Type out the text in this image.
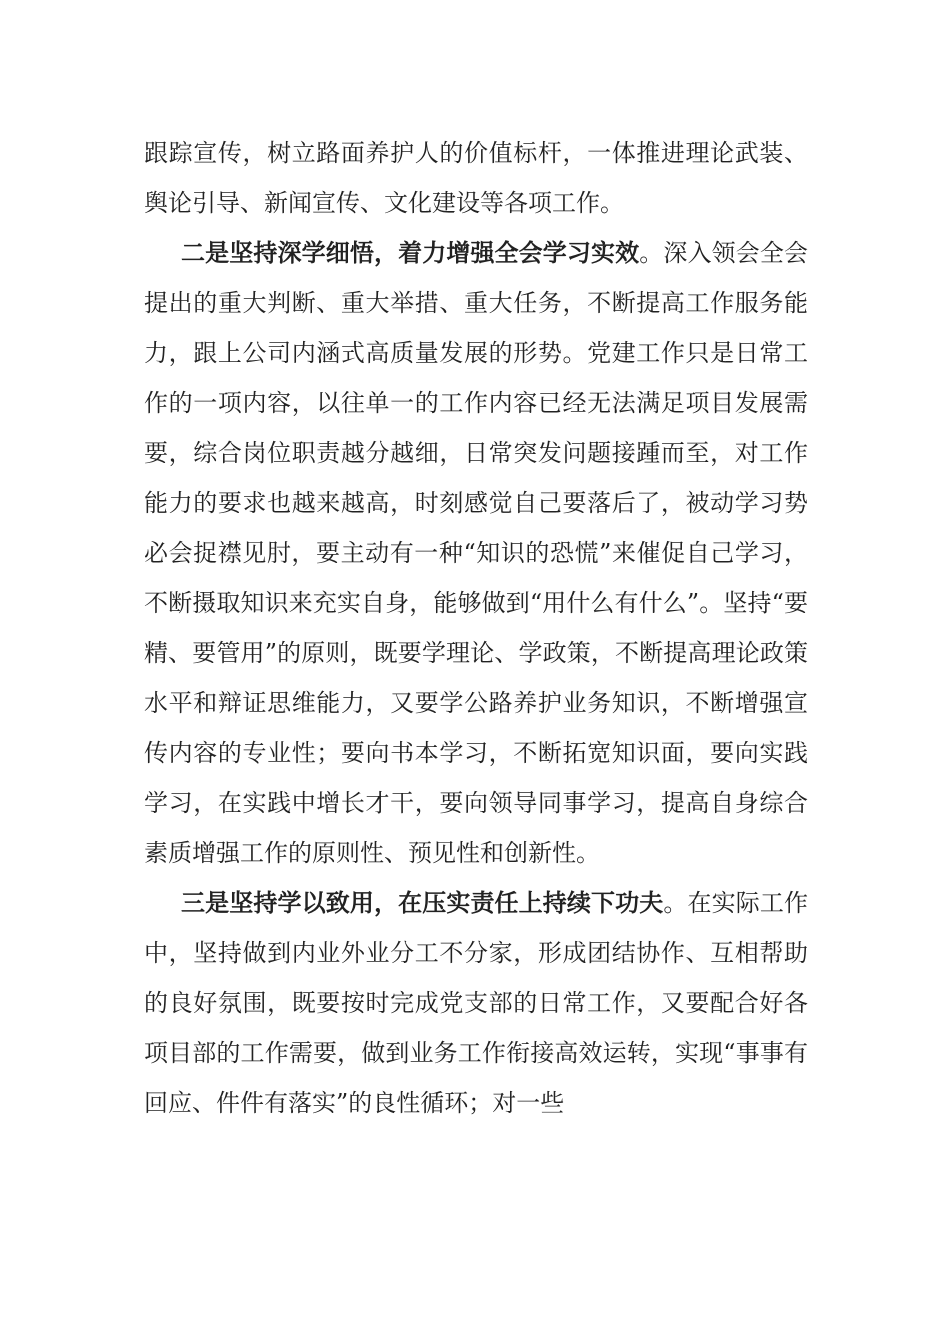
跟踪宣传，树立路面养护人的价值标杆，一体推进理论武装、舆论引导、新闻宣传、文化建设等各项工作。

二是坚持深学细悟，着力增强全会学习实效。深入领会全会提出的重大判断、重大举措、重大任务，不断提高工作服务能力，跟上公司内涵式高质量发展的形势。党建工作只是日常工作的一项内容，以往单一的工作内容已经无法满足项目发展需要，综合岗位职责越分越细，日常突发问题接踵而至，对工作能力的要求也越来越高，时刻感觉自己要落后了，被动学习势必会捉襟见肘，要主动有一种“知识的恐慌”来催促自己学习，不断摄取知识来充实自身，能够做到“用什么有什么”。坚持“要精、要管用”的原则，既要学理论、学政策，不断提高理论政策水平和辩证思维能力，又要学公路养护业务知识，不断增强宣传内容的专业性；要向书本学习，不断拓宽知识面，要向实践学习，在实践中增长才干，要向领导同事学习，提高自身综合素质增强工作的原则性、预见性和创新性。

三是坚持学以致用，在压实责任上持续下功夫。在实际工作中，坚持做到内业外业分工不分家，形成团结协作、互相帮助的良好氛围，既要按时完成党支部的日常工作，又要配合好各项目部的工作需要，做到业务工作衔接高效运转，实现“事事有回应、件件有落实”的良性循环；对一些
